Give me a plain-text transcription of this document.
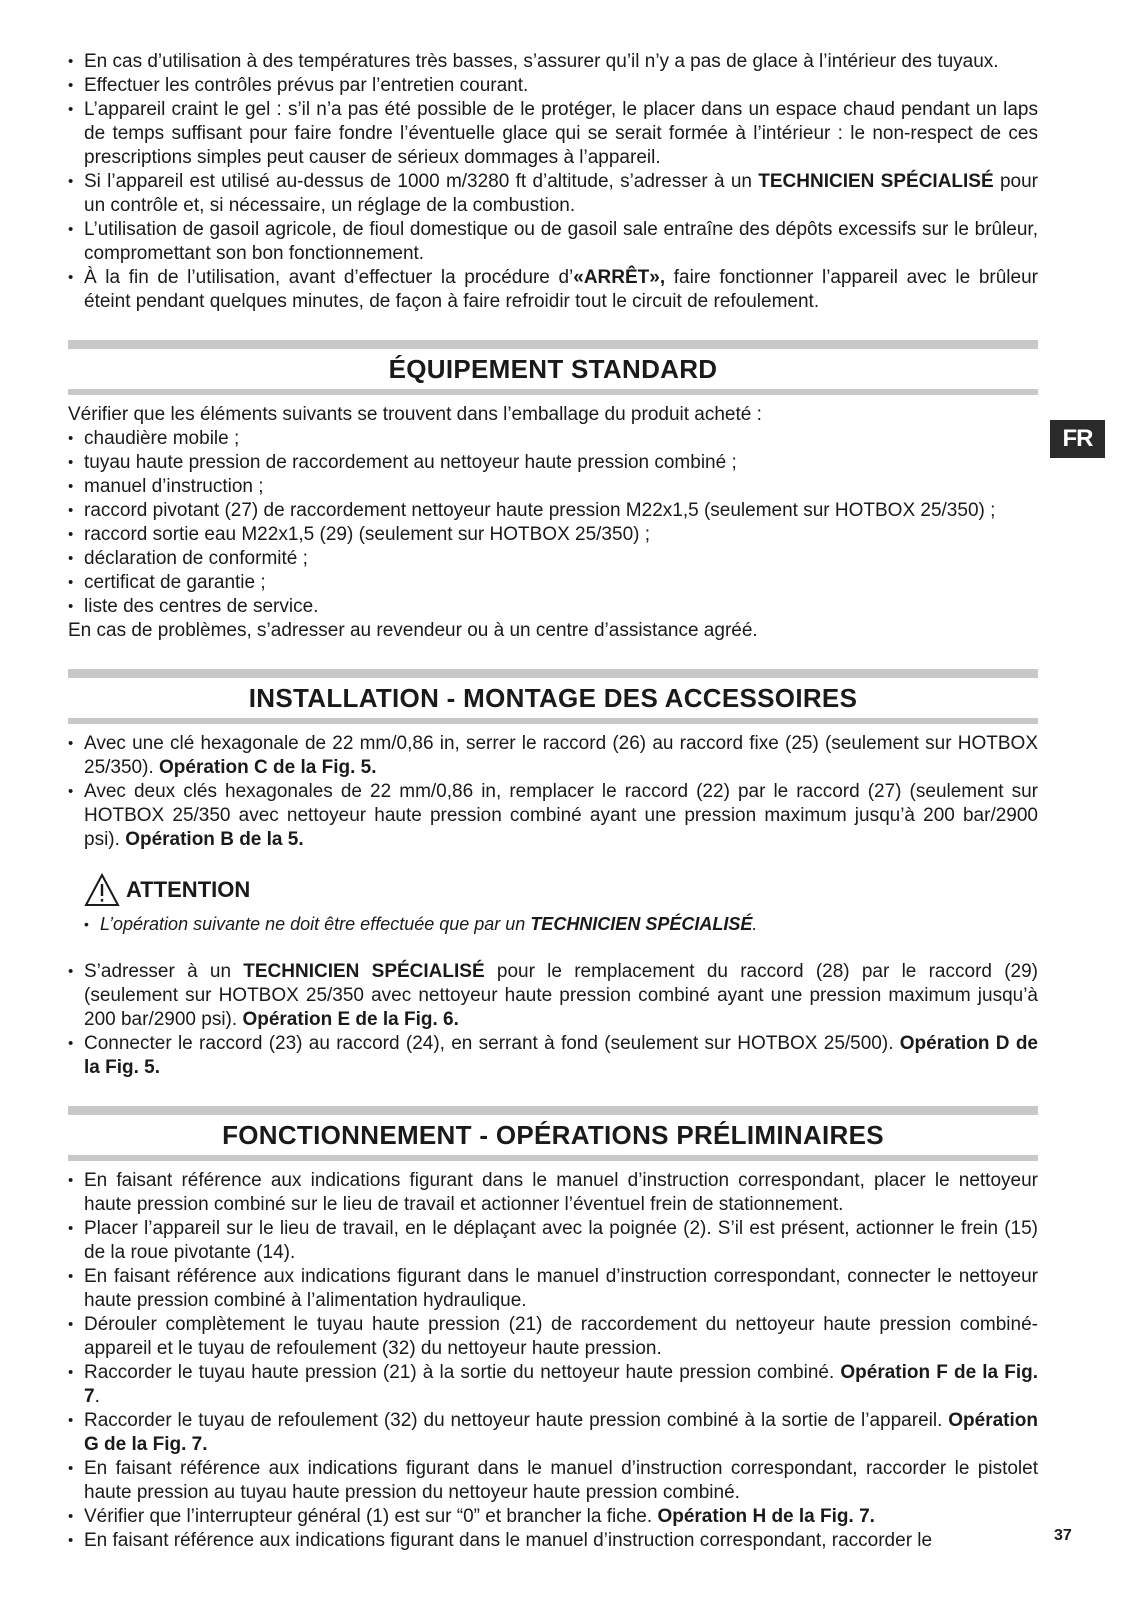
• En cas d’utilisation à des températures très basses, s’assurer qu’il n’y a pas de glace à l’intérieur des tuyaux.
• Effectuer les contrôles prévus par l’entretien courant.
• L’appareil craint le gel : s’il n’a pas été possible de le protéger, le placer dans un espace chaud pendant un laps de temps suffisant pour faire fondre l’éventuelle glace qui se serait formée à l’intérieur : le non-respect de ces prescriptions simples peut causer de sérieux dommages à l’appareil.
• Si l’appareil est utilisé au-dessus de 1000 m/3280 ft d’altitude, s’adresser à un TECHNICIEN SPÉCIALISÉ pour un contrôle et, si nécessaire, un réglage de la combustion.
• L’utilisation de gasoil agricole, de fioul domestique ou de gasoil sale entraîne des dépôts excessifs sur le brûleur, compromettant son bon fonctionnement.
• À la fin de l’utilisation, avant d’effectuer la procédure d’«ARRÊT», faire fonctionner l’appareil avec le brûleur éteint pendant quelques minutes, de façon à faire refroidir tout le circuit de refoulement.
ÉQUIPEMENT STANDARD
Vérifier que les éléments suivants se trouvent dans l’emballage du produit acheté :
• chaudière mobile ;
• tuyau haute pression de raccordement au nettoyeur haute pression combiné ;
• manuel d’instruction ;
• raccord pivotant (27) de raccordement nettoyeur haute pression M22x1,5 (seulement sur HOTBOX 25/350) ;
• raccord sortie eau M22x1,5 (29) (seulement sur HOTBOX 25/350) ;
• déclaration de conformité ;
• certificat de garantie ;
• liste des centres de service.
En cas de problèmes, s’adresser au revendeur ou à un centre d’assistance agréé.
INSTALLATION - MONTAGE DES ACCESSOIRES
• Avec une clé hexagonale de 22 mm/0,86 in, serrer le raccord (26) au raccord fixe (25) (seulement sur HOTBOX 25/350). Opération C de la Fig. 5.
• Avec deux clés hexagonales de 22 mm/0,86 in, remplacer le raccord (22) par le raccord (27) (seulement sur HOTBOX 25/350 avec nettoyeur haute pression combiné ayant une pression maximum jusqu’à 200 bar/2900 psi). Opération B de la 5.
ATTENTION
• L’opération suivante ne doit être effectuée que par un TECHNICIEN SPÉCIALISÉ.
• S’adresser à un TECHNICIEN SPÉCIALISÉ pour le remplacement du raccord (28) par le raccord (29) (seulement sur HOTBOX 25/350 avec nettoyeur haute pression combiné ayant une pression maximum jusqu’à 200 bar/2900 psi). Opération E de la Fig. 6.
• Connecter le raccord (23) au raccord (24), en serrant à fond (seulement sur HOTBOX 25/500). Opération D de la Fig. 5.
FONCTIONNEMENT - OPÉRATIONS PRÉLIMINAIRES
• En faisant référence aux indications figurant dans le manuel d’instruction correspondant, placer le nettoyeur haute pression combiné sur le lieu de travail et actionner l’éventuel frein de stationnement.
• Placer l’appareil sur le lieu de travail, en le déplaçant avec la poignée (2). S’il est présent, actionner le frein (15) de la roue pivotante (14).
• En faisant référence aux indications figurant dans le manuel d’instruction correspondant, connecter le nettoyeur haute pression combiné à l’alimentation hydraulique.
• Dérouler complètement le tuyau haute pression (21) de raccordement du nettoyeur haute pression combiné-appareil et le tuyau de refoulement (32) du nettoyeur haute pression.
• Raccorder le tuyau haute pression (21) à la sortie du nettoyeur haute pression combiné. Opération F de la Fig. 7.
• Raccorder le tuyau de refoulement (32) du nettoyeur haute pression combiné à la sortie de l’appareil. Opération G de la Fig. 7.
• En faisant référence aux indications figurant dans le manuel d’instruction correspondant, raccorder le pistolet haute pression au tuyau haute pression du nettoyeur haute pression combiné.
• Vérifier que l’interrupteur général (1) est sur “0” et brancher la fiche. Opération H de la Fig. 7.
• En faisant référence aux indications figurant dans le manuel d’instruction correspondant, raccorder le
FR
37
